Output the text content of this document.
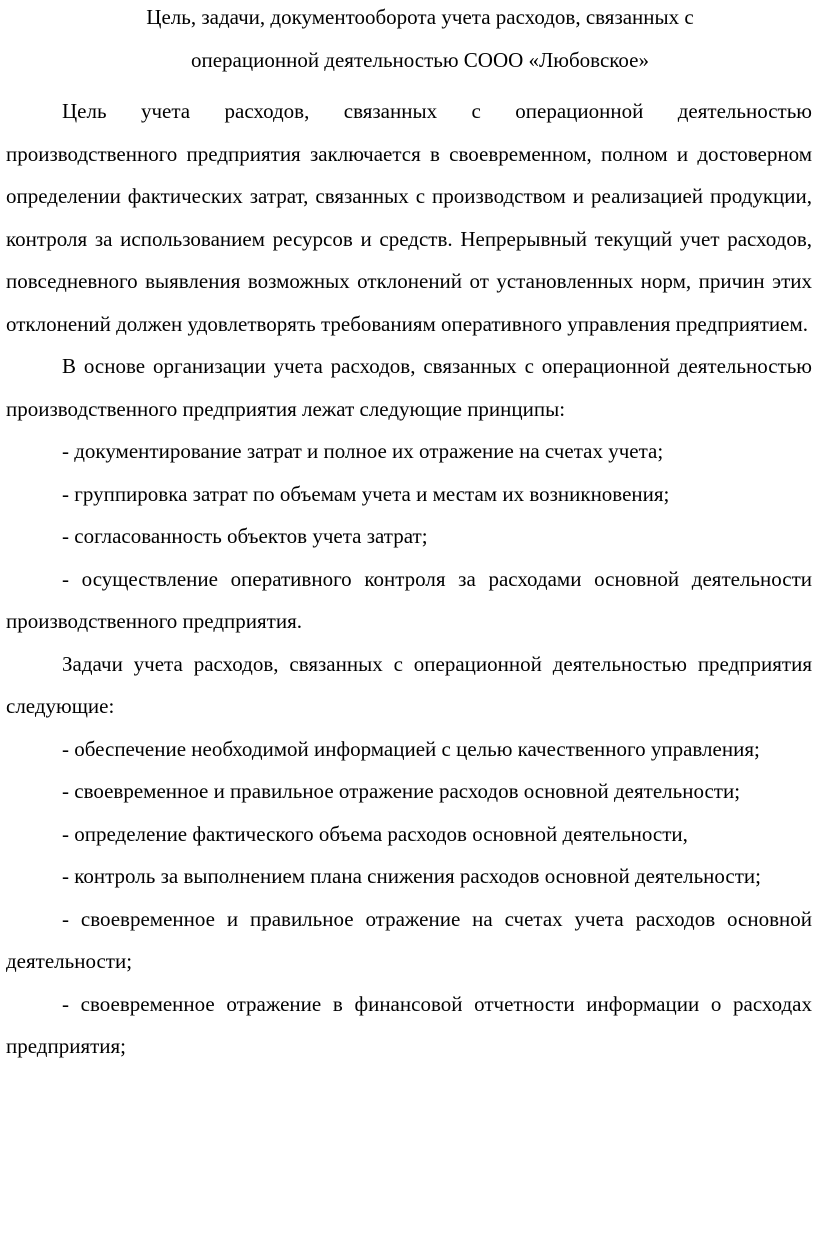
Цель, задачи, документооборота учета расходов, связанных с
операционной деятельностью СООО «Любовское»

Цель учета расходов, связанных с операционной деятельностью производственного предприятия заключается в своевременном, полном и достоверном определении фактических затрат, связанных с производством и реализацией продукции, контроля за использованием ресурсов и средств. Непрерывный текущий учет расходов, повседневного выявления возможных отклонений от установленных норм, причин этих отклонений должен удовлетворять требованиям оперативного управления предприятием.

В основе организации учета расходов, связанных с операционной деятельностью производственного предприятия лежат следующие принципы:

- документирование затрат и полное их отражение на счетах учета;

- группировка затрат по объемам учета и местам их возникновения;

- согласованность объектов учета затрат;

- осуществление оперативного контроля за расходами основной деятельности производственного предприятия.

Задачи учета расходов, связанных с операционной деятельностью предприятия следующие:

- обеспечение необходимой информацией с целью качественного управления;

- своевременное и правильное отражение расходов основной деятельности;

- определение фактического объема расходов основной деятельности,

- контроль за выполнением плана снижения расходов основной деятельности;

- своевременное и правильное отражение на счетах учета расходов основной деятельности;

- своевременное отражение в финансовой отчетности информации о расходах предприятия;
